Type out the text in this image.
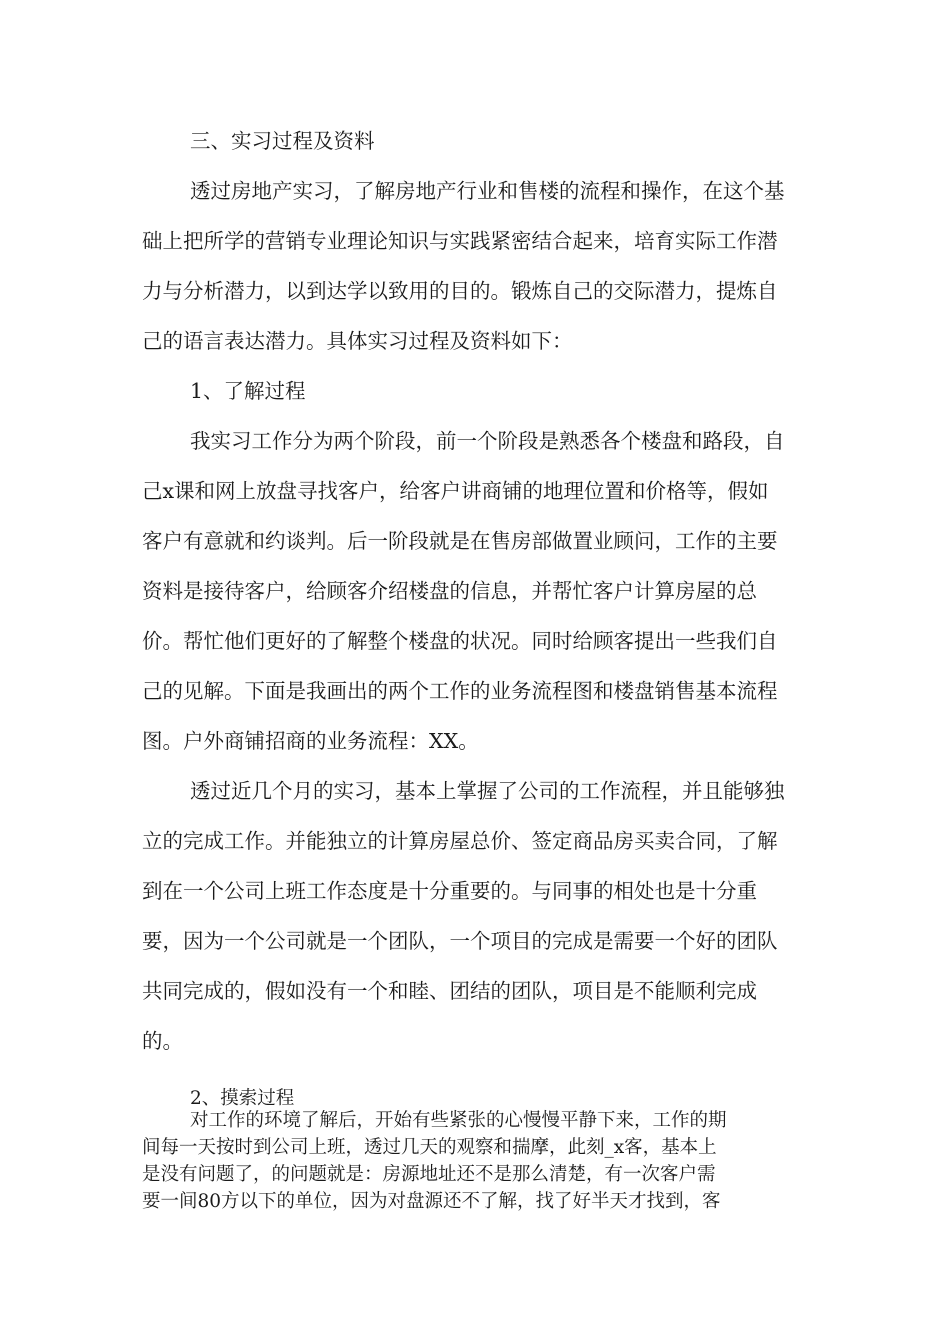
三、实习过程及资料
透过房地产实习，了解房地产行业和售楼的流程和操作，在这个基
础上把所学的营销专业理论知识与实践紧密结合起来，培育实际工作潜
力与分析潜力，以到达学以致用的目的。锻炼自己的交际潜力，提炼自
己的语言表达潜力。具体实习过程及资料如下：
1、了解过程
我实习工作分为两个阶段，前一个阶段是熟悉各个楼盘和路段，自
己x课和网上放盘寻找客户，给客户讲商铺的地理位置和价格等，假如
客户有意就和约谈判。后一阶段就是在售房部做置业顾问，工作的主要
资料是接待客户，给顾客介绍楼盘的信息，并帮忙客户计算房屋的总
价。帮忙他们更好的了解整个楼盘的状况。同时给顾客提出一些我们自
己的见解。下面是我画出的两个工作的业务流程图和楼盘销售基本流程
图。户外商铺招商的业务流程：XX。
透过近几个月的实习，基本上掌握了公司的工作流程，并且能够独
立的完成工作。并能独立的计算房屋总价、签定商品房买卖合同，了解
到在一个公司上班工作态度是十分重要的。与同事的相处也是十分重
要，因为一个公司就是一个团队，一个项目的完成是需要一个好的团队
共同完成的，假如没有一个和睦、团结的团队，项目是不能顺利完成
的。
2、摸索过程
对工作的环境了解后，开始有些紧张的心慢慢平静下来，工作的期
间每一天按时到公司上班，透过几天的观察和揣摩，此刻_x客，基本上
是没有问题了，的问题就是：房源地址还不是那么清楚，有一次客户需
要一间80方以下的单位，因为对盘源还不了解，找了好半天才找到，客
